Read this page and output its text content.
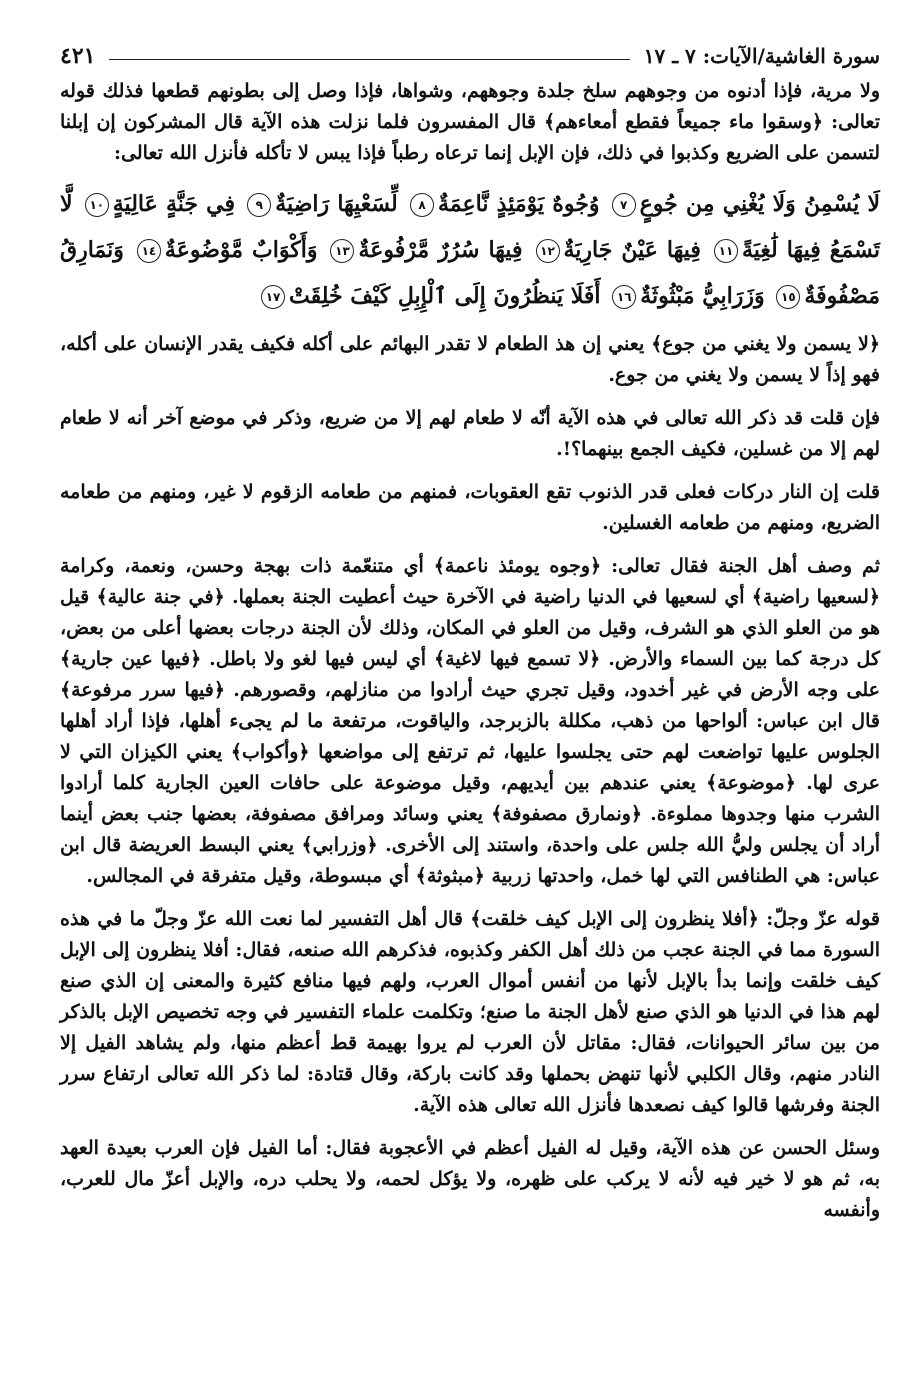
سورة الغاشية/الآيات: ٧ ـ ١٧
٤٢١

ولا مرية، فإذا أدنوه من وجوههم سلخ جلدة وجوههم، وشواها، فإذا وصل إلى بطونهم قطعها فذلك قوله تعالى: ﴿وسقوا ماء جميعاً فقطع أمعاءهم﴾ قال المفسرون فلما نزلت هذه الآية قال المشركون إن إبلنا لتسمن على الضريع وكذبوا في ذلك، فإن الإبل إنما ترعاه رطباً فإذا يبس لا تأكله فأنزل الله تعالى:

لَا يُسْمِنُ وَلَا يُغْنِي مِن جُوعٍ٧ وُجُوهٌ يَوْمَئِذٍ نَّاعِمَةٌ٨ لِّسَعْيِهَا رَاضِيَةٌ٩ فِي جَنَّةٍ عَالِيَةٍ١٠ لَّا تَسْمَعُ فِيهَا لَٰغِيَةً١١ فِيهَا عَيْنٌ جَارِيَةٌ١٢ فِيهَا سُرُرٌ مَّرْفُوعَةٌ١٣ وَأَكْوَابٌ مَّوْضُوعَةٌ١٤ وَنَمَارِقُ مَصْفُوفَةٌ١٥ وَزَرَابِيُّ مَبْثُوثَةٌ١٦ أَفَلَا يَنظُرُونَ إِلَى ٱلْإِبِلِ كَيْفَ خُلِقَتْ١٧

﴿لا يسمن ولا يغني من جوع﴾ يعني إن هذ الطعام لا تقدر البهائم على أكله فكيف يقدر الإنسان على أكله، فهو إذاً لا يسمن ولا يغني من جوع.

فإن قلت قد ذكر الله تعالى في هذه الآية أنّه لا طعام لهم إلا من ضريع، وذكر في موضع آخر أنه لا طعام لهم إلا من غسلين، فكيف الجمع بينهما؟!.

قلت إن النار دركات فعلى قدر الذنوب تقع العقوبات، فمنهم من طعامه الزقوم لا غير، ومنهم من طعامه الضريع، ومنهم من طعامه الغسلين.

ثم وصف أهل الجنة فقال تعالى: ﴿وجوه يومئذ ناعمة﴾ أي متنعّمة ذات بهجة وحسن، ونعمة، وكرامة ﴿لسعيها راضية﴾ أي لسعيها في الدنيا راضية في الآخرة حيث أعطيت الجنة بعملها. ﴿في جنة عالية﴾ قيل هو من العلو الذي هو الشرف، وقيل من العلو في المكان، وذلك لأن الجنة درجات بعضها أعلى من بعض، كل درجة كما بين السماء والأرض. ﴿لا تسمع فيها لاغية﴾ أي ليس فيها لغو ولا باطل. ﴿فيها عين جارية﴾ على وجه الأرض في غير أخدود، وقيل تجري حيث أرادوا من منازلهم، وقصورهم. ﴿فيها سرر مرفوعة﴾ قال ابن عباس: ألواحها من ذهب، مكللة بالزبرجد، والياقوت، مرتفعة ما لم يجىء أهلها، فإذا أراد أهلها الجلوس عليها تواضعت لهم حتى يجلسوا عليها، ثم ترتفع إلى مواضعها ﴿وأكواب﴾ يعني الكيزان التي لا عرى لها. ﴿موضوعة﴾ يعني عندهم بين أيديهم، وقيل موضوعة على حافات العين الجارية كلما أرادوا الشرب منها وجدوها مملوءة. ﴿ونمارق مصفوفة﴾ يعني وسائد ومرافق مصفوفة، بعضها جنب بعض أينما أراد أن يجلس وليُّ الله جلس على واحدة، واستند إلى الأخرى. ﴿وزرابي﴾ يعني البسط العريضة قال ابن عباس: هي الطنافس التي لها خمل، واحدتها زربية ﴿مبثوثة﴾ أي مبسوطة، وقيل متفرقة في المجالس.

قوله عزّ وجلّ: ﴿أفلا ينظرون إلى الإبل كيف خلقت﴾ قال أهل التفسير لما نعت الله عزّ وجلّ ما في هذه السورة مما في الجنة عجب من ذلك أهل الكفر وكذبوه، فذكرهم الله صنعه، فقال: أفلا ينظرون إلى الإبل كيف خلقت وإنما بدأ بالإبل لأنها من أنفس أموال العرب، ولهم فيها منافع كثيرة والمعنى إن الذي صنع لهم هذا في الدنيا هو الذي صنع لأهل الجنة ما صنع؛ وتكلمت علماء التفسير في وجه تخصيص الإبل بالذكر من بين سائر الحيوانات، فقال: مقاتل لأن العرب لم يروا بهيمة قط أعظم منها، ولم يشاهد الفيل إلا النادر منهم، وقال الكلبي لأنها تنهض بحملها وقد كانت باركة، وقال قتادة: لما ذكر الله تعالى ارتفاع سرر الجنة وفرشها قالوا كيف نصعدها فأنزل الله تعالى هذه الآية.

وسئل الحسن عن هذه الآية، وقيل له الفيل أعظم في الأعجوبة فقال: أما الفيل فإن العرب بعيدة العهد به، ثم هو لا خير فيه لأنه لا يركب على ظهره، ولا يؤكل لحمه، ولا يحلب دره، والإبل أعزّ مال للعرب، وأنفسه
